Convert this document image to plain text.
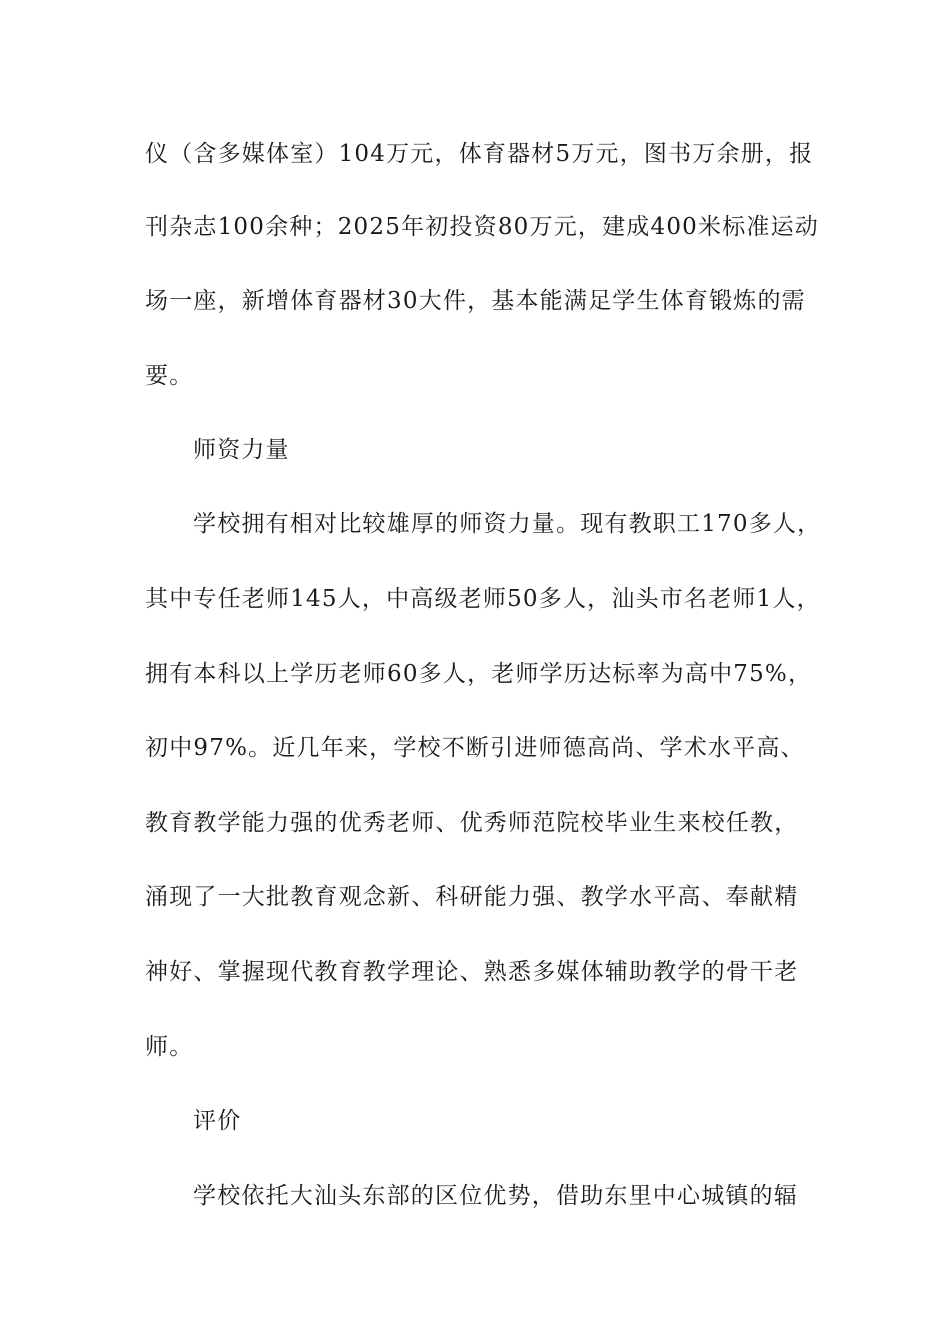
仪（含多媒体室）104万元，体育器材5万元，图书万余册，报
刊杂志100余种；2025年初投资80万元，建成400米标准运动
场一座，新增体育器材30大件，基本能满足学生体育锻炼的需
要。
师资力量
学校拥有相对比较雄厚的师资力量。现有教职工170多人，
其中专任老师145人，中高级老师50多人，汕头市名老师1人，
拥有本科以上学历老师60多人，老师学历达标率为高中75%，
初中97%。近几年来，学校不断引进师德高尚、学术水平高、
教育教学能力强的优秀老师、优秀师范院校毕业生来校任教，
涌现了一大批教育观念新、科研能力强、教学水平高、奉献精
神好、掌握现代教育教学理论、熟悉多媒体辅助教学的骨干老
师。
评价
学校依托大汕头东部的区位优势，借助东里中心城镇的辐
